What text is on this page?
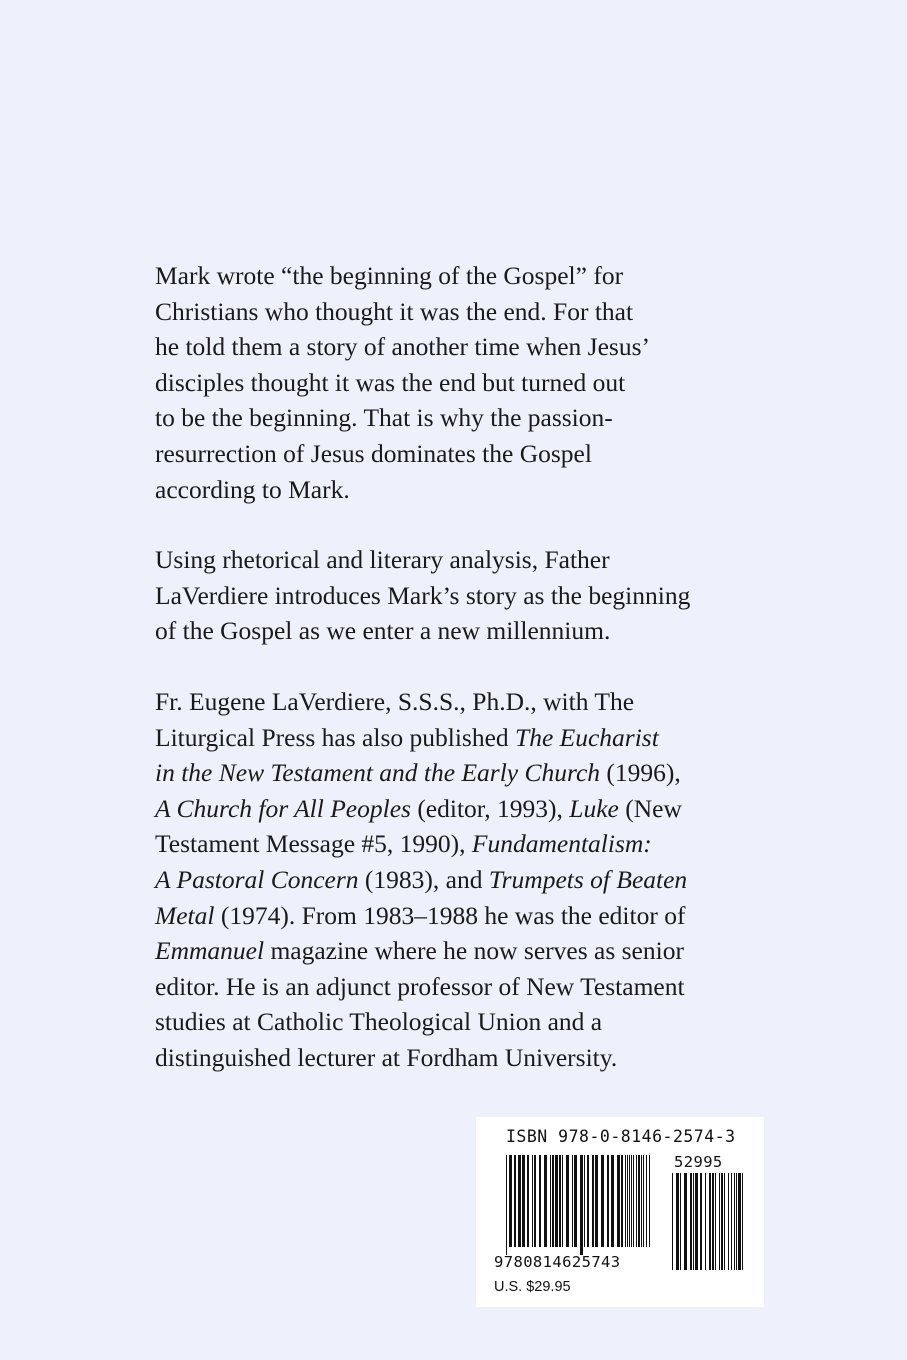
Mark wrote “the beginning of the Gospel” for
Christians who thought it was the end. For that
he told them a story of another time when Jesus’
disciples thought it was the end but turned out
to be the beginning. That is why the passion-
resurrection of Jesus dominates the Gospel
according to Mark.

Using rhetorical and literary analysis, Father
LaVerdiere introduces Mark’s story as the beginning
of the Gospel as we enter a new millennium.

Fr. Eugene LaVerdiere, S.S.S., Ph.D., with The
Liturgical Press has also published The Eucharist
in the New Testament and the Early Church (1996),
A Church for All Peoples (editor, 1993), Luke (New
Testament Message #5, 1990), Fundamentalism:
A Pastoral Concern (1983), and Trumpets of Beaten
Metal (1974). From 1983–1988 he was the editor of
Emmanuel magazine where he now serves as senior
editor. He is an adjunct professor of New Testament
studies at Catholic Theological Union and a
distinguished lecturer at Fordham University.

ISBN 978-0-8146-2574-3
9780814625743
52995
U.S. $29.95
